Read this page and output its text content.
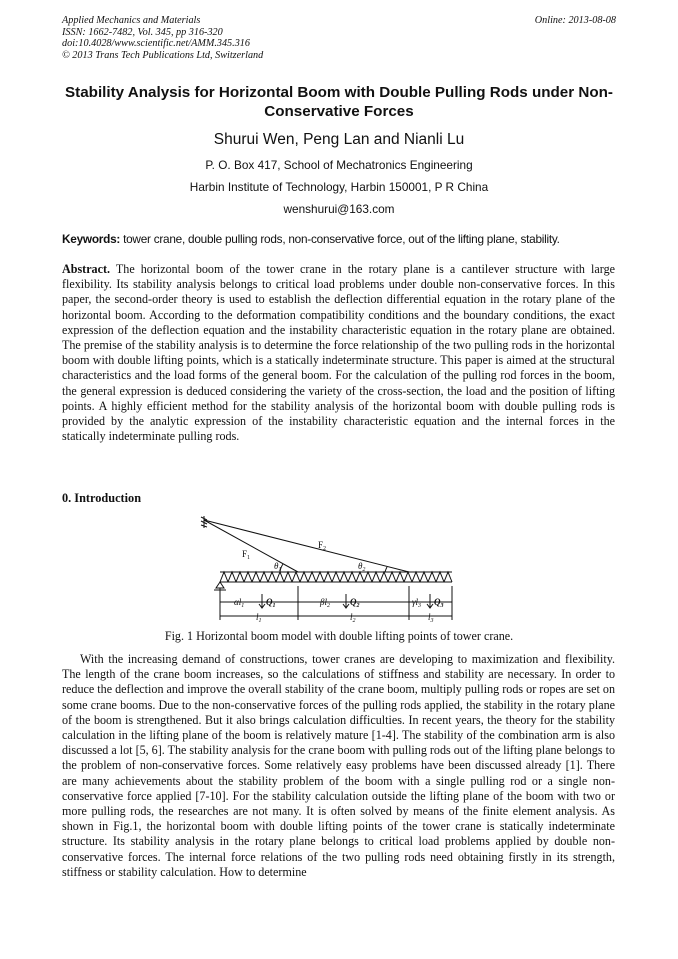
Applied Mechanics and Materials
ISSN: 1662-7482, Vol. 345, pp 316-320
doi:10.4028/www.scientific.net/AMM.345.316
© 2013 Trans Tech Publications Ltd, Switzerland
Online: 2013-08-08
Stability Analysis for Horizontal Boom with Double Pulling Rods under Non-Conservative Forces
Shurui Wen, Peng Lan and Nianli Lu
P. O. Box 417, School of Mechatronics Engineering
Harbin Institute of Technology, Harbin 150001, P R China
wenshurui@163.com
Keywords: tower crane, double pulling rods, non-conservative force, out of the lifting plane, stability.
Abstract. The horizontal boom of the tower crane in the rotary plane is a cantilever structure with large flexibility. Its stability analysis belongs to critical load problems under double non-conservative forces. In this paper, the second-order theory is used to establish the deflection differential equation in the rotary plane of the horizontal boom. According to the deformation compatibility conditions and the boundary conditions, the exact expression of the deflection equation and the instability characteristic equation in the rotary plane are obtained. The premise of the stability analysis is to determine the force relationship of the two pulling rods in the horizontal boom with double lifting points, which is a statically indeterminate structure. This paper is aimed at the structural characteristics and the load forms of the general boom. For the calculation of the pulling rod forces in the boom, the general expression is deduced considering the variety of the cross-section, the load and the position of lifting points. A highly efficient method for the stability analysis of the horizontal boom with double pulling rods is provided by the analytic expression of the instability characteristic equation and the internal forces in the statically indeterminate pulling rods.
0. Introduction
$F_1$
$F_2$
$\theta_1$	$\theta_2$
$\alpha l_1$	$\beta l_2$	$\gamma l_3$
$Q_1$	$Q_2$	$Q_3$
$l_1$	$l_2$	$l_3$
Fig. 1 Horizontal boom model with double lifting points of tower crane.
With the increasing demand of constructions, tower cranes are developing to maximization and flexibility. The length of the crane boom increases, so the calculations of stiffness and stability are necessary. In order to reduce the deflection and improve the overall stability of the crane boom, multiply pulling rods or ropes are set on some crane booms. Due to the non-conservative forces of the pulling rods applied, the stability in the rotary plane of the boom is strengthened. But it also brings calculation difficulties. In recent years, the theory for the stability calculation in the lifting plane of the boom is relatively mature [1-4]. The stability of the combination arm is also discussed a lot [5, 6]. The stability analysis for the crane boom with pulling rods out of the lifting plane belongs to the problem of non-conservative forces. Some relatively easy problems have been discussed already [1]. There are many achievements about the stability problem of the boom with a single pulling rod or a single non-conservative force applied [7-10]. For the stability calculation outside the lifting plane of the boom with two or more pulling rods, the researches are not many. It is often solved by means of the finite element analysis. As shown in Fig.1, the horizontal boom with double lifting points of the tower crane is statically indeterminate structure. Its stability analysis in the rotary plane belongs to critical load problems applied by double non-conservative forces. The internal force relations of the two pulling rods need obtaining firstly in its strength, stiffness or stability calculation. How to determine
